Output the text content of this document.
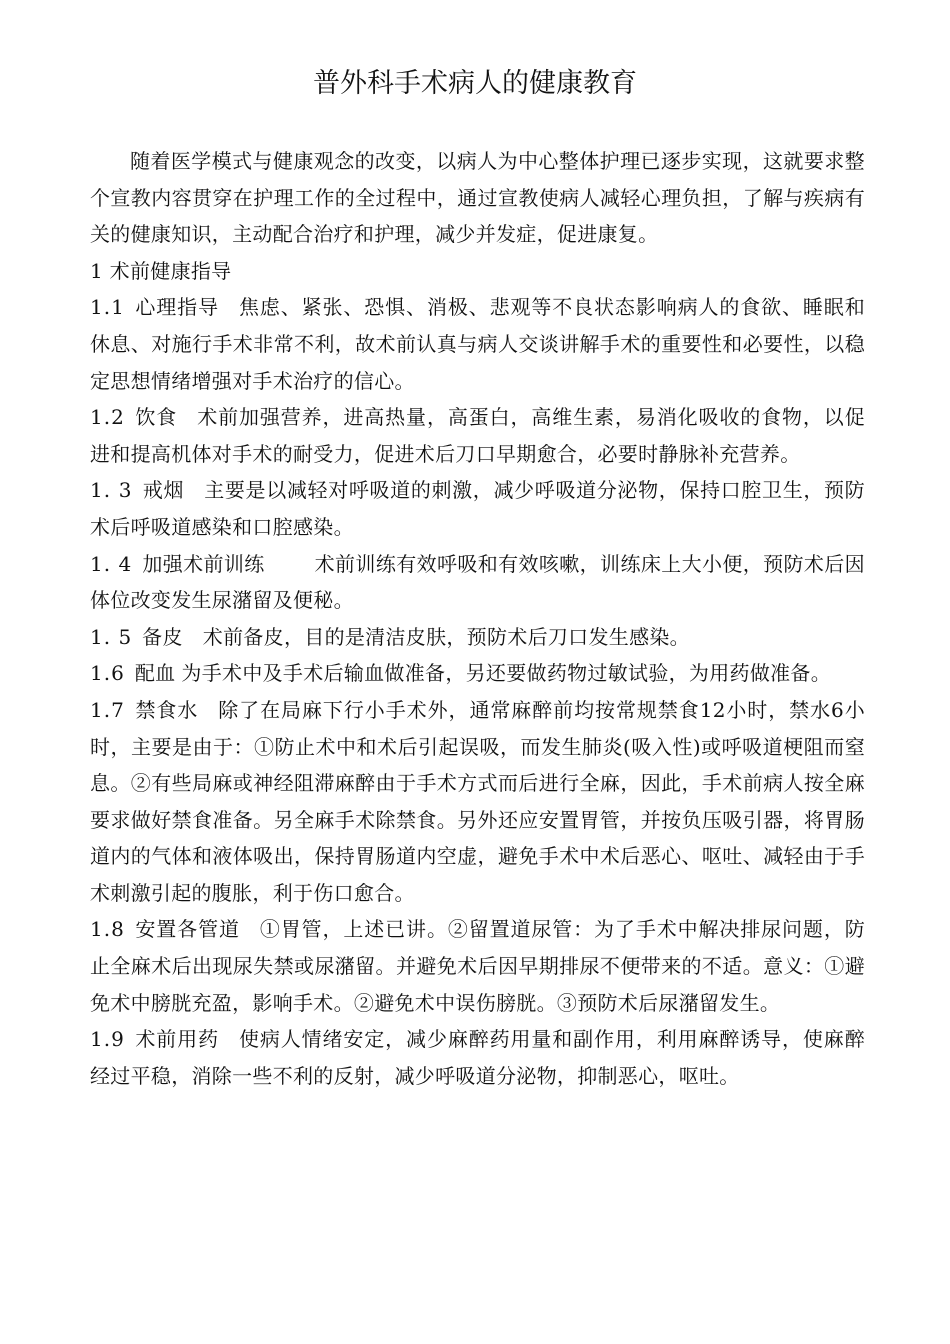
普外科手术病人的健康教育

随着医学模式与健康观念的改变，以病人为中心整体护理已逐步实现，这就要求整个宣教内容贯穿在护理工作的全过程中，通过宣教使病人减轻心理负担，了解与疾病有关的健康知识，主动配合治疗和护理，减少并发症，促进康复。

1 术前健康指导

1.1 心理指导 焦虑、紧张、恐惧、消极、悲观等不良状态影响病人的食欲、睡眠和休息、对施行手术非常不利，故术前认真与病人交谈讲解手术的重要性和必要性，以稳定思想情绪增强对手术治疗的信心。

1.2 饮食 术前加强营养，进高热量，高蛋白，高维生素，易消化吸收的食物，以促进和提高机体对手术的耐受力，促进术后刀口早期愈合，必要时静脉补充营养。

1. 3 戒烟 主要是以减轻对呼吸道的刺激，减少呼吸道分泌物，保持口腔卫生，预防术后呼吸道感染和口腔感染。

1. 4 加强术前训练	术前训练有效呼吸和有效咳嗽，训练床上大小便，预防术后因体位改变发生尿潴留及便秘。

1. 5 备皮 术前备皮，目的是清洁皮肤，预防术后刀口发生感染。

1.6 配血 为手术中及手术后输血做准备，另还要做药物过敏试验，为用药做准备。

1.7 禁食水 除了在局麻下行小手术外，通常麻醉前均按常规禁食12小时，禁水6小时，主要是由于：①防止术中和术后引起误吸，而发生肺炎(吸入性)或呼吸道梗阻而窒息。②有些局麻或神经阻滞麻醉由于手术方式而后进行全麻，因此，手术前病人按全麻要求做好禁食准备。另全麻手术除禁食。另外还应安置胃管，并按负压吸引器，将胃肠道内的气体和液体吸出，保持胃肠道内空虚，避免手术中术后恶心、呕吐、减轻由于手术刺激引起的腹胀，利于伤口愈合。

1.8 安置各管道 ①胃管，上述已讲。②留置道尿管：为了手术中解决排尿问题，防止全麻术后出现尿失禁或尿潴留。并避免术后因早期排尿不便带来的不适。意义：①避免术中膀胱充盈，影响手术。②避免术中误伤膀胱。③预防术后尿潴留发生。

1.9 术前用药 使病人情绪安定，减少麻醉药用量和副作用，利用麻醉诱导，使麻醉经过平稳，消除一些不利的反射，减少呼吸道分泌物，抑制恶心，呕吐。
